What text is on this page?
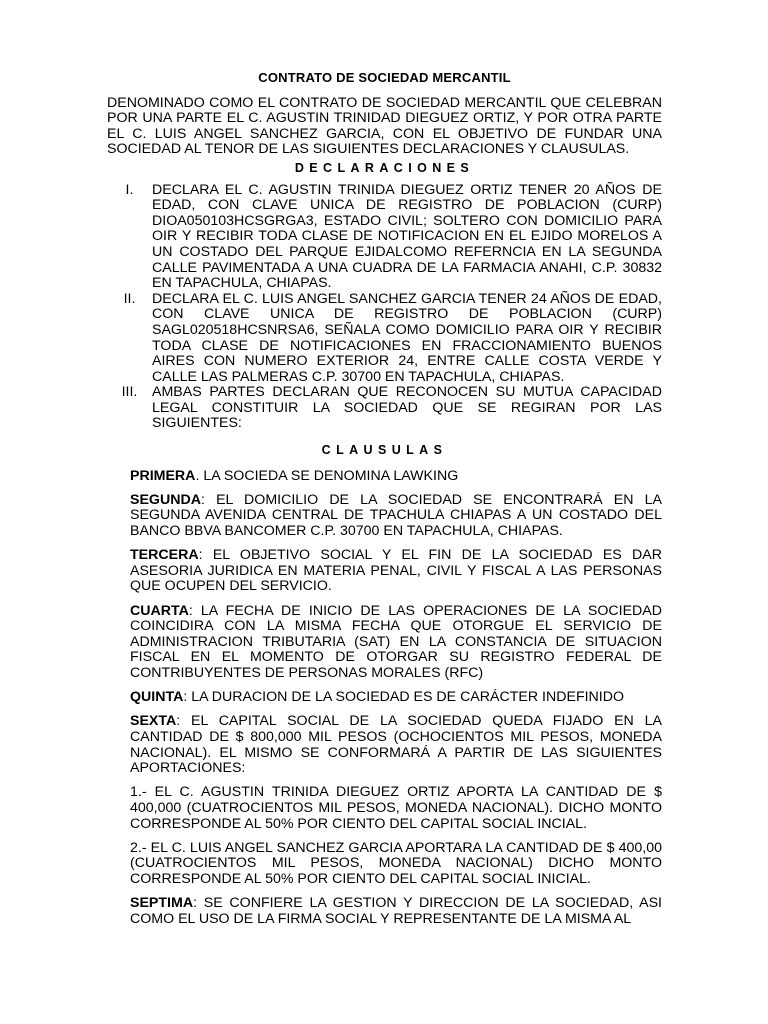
CONTRATO DE SOCIEDAD MERCANTIL

DENOMINADO COMO EL CONTRATO DE SOCIEDAD MERCANTIL QUE CELEBRAN POR UNA PARTE EL C. AGUSTIN TRINIDAD DIEGUEZ ORTIZ, Y POR OTRA PARTE EL C. LUIS ANGEL SANCHEZ GARCIA, CON EL OBJETIVO DE FUNDAR UNA SOCIEDAD AL TENOR DE LAS SIGUIENTES DECLARACIONES Y CLAUSULAS.

DECLARACIONES
I.	DECLARA EL C. AGUSTIN TRINIDA DIEGUEZ ORTIZ TENER 20 AÑOS DE EDAD, CON CLAVE UNICA DE REGISTRO DE POBLACION (CURP) DIOA050103HCSGRGA3, ESTADO CIVIL; SOLTERO CON DOMICILIO PARA OIR Y RECIBIR TODA CLASE DE NOTIFICACION EN EL EJIDO MORELOS A UN COSTADO DEL PARQUE EJIDALCOMO REFERNCIA EN LA SEGUNDA CALLE PAVIMENTADA A UNA CUADRA DE LA FARMACIA ANAHI, C.P. 30832 EN TAPACHULA, CHIAPAS.
II.	DECLARA EL C. LUIS ANGEL SANCHEZ GARCIA TENER 24 AÑOS DE EDAD, CON CLAVE UNICA DE REGISTRO DE POBLACION (CURP) SAGL020518HCSNRSA6, SEÑALA COMO DOMICILIO PARA OIR Y RECIBIR TODA CLASE DE NOTIFICACIONES EN FRACCIONAMIENTO BUENOS AIRES CON NUMERO EXTERIOR 24, ENTRE CALLE COSTA VERDE Y CALLE LAS PALMERAS C.P. 30700 EN TAPACHULA, CHIAPAS.
III.	AMBAS PARTES DECLARAN QUE RECONOCEN SU MUTUA CAPACIDAD LEGAL CONSTITUIR LA SOCIEDAD QUE SE REGIRAN POR LAS SIGUIENTES:
CLAUSULAS

PRIMERA. LA SOCIEDA SE DENOMINA LAWKING

SEGUNDA: EL DOMICILIO DE LA SOCIEDAD SE ENCONTRARÁ EN LA SEGUNDA AVENIDA CENTRAL DE TPACHULA CHIAPAS A UN COSTADO DEL BANCO BBVA BANCOMER C.P. 30700 EN TAPACHULA, CHIAPAS.

TERCERA: EL OBJETIVO SOCIAL Y EL FIN DE LA SOCIEDAD ES DAR ASESORIA JURIDICA EN MATERIA PENAL, CIVIL Y FISCAL A LAS PERSONAS QUE OCUPEN DEL SERVICIO.

CUARTA: LA FECHA DE INICIO DE LAS OPERACIONES DE LA SOCIEDAD COINCIDIRA CON LA MISMA FECHA QUE OTORGUE EL SERVICIO DE ADMINISTRACION TRIBUTARIA (SAT) EN LA CONSTANCIA DE SITUACION FISCAL EN EL MOMENTO DE OTORGAR SU REGISTRO FEDERAL DE CONTRIBUYENTES DE PERSONAS MORALES (RFC)

QUINTA: LA DURACION DE LA SOCIEDAD ES DE CARÁCTER INDEFINIDO

SEXTA: EL CAPITAL SOCIAL DE LA SOCIEDAD QUEDA FIJADO EN LA CANTIDAD DE $ 800,000 MIL PESOS (OCHOCIENTOS MIL PESOS, MONEDA NACIONAL). EL MISMO SE CONFORMARÁ A PARTIR DE LAS SIGUIENTES APORTACIONES:

1.- EL C. AGUSTIN TRINIDA DIEGUEZ ORTIZ APORTA LA CANTIDAD DE $ 400,000 (CUATROCIENTOS MIL PESOS, MONEDA NACIONAL). DICHO MONTO CORRESPONDE AL 50% POR CIENTO DEL CAPITAL SOCIAL INCIAL.

2.- EL C. LUIS ANGEL SANCHEZ GARCIA APORTARA LA CANTIDAD DE $ 400,00 (CUATROCIENTOS MIL PESOS, MONEDA NACIONAL) DICHO MONTO CORRESPONDE AL 50% POR CIENTO DEL CAPITAL SOCIAL INICIAL.

SEPTIMA: SE CONFIERE LA GESTION Y DIRECCION DE LA SOCIEDAD, ASI COMO EL USO DE LA FIRMA SOCIAL Y REPRESENTANTE DE LA MISMA AL
